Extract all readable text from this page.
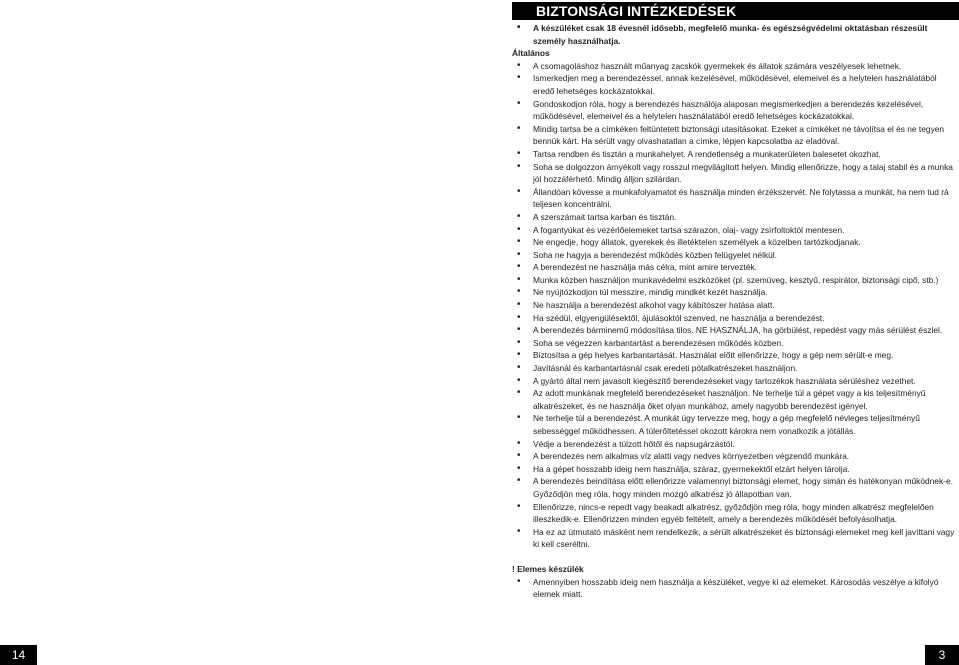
BIZTONSÁGI INTÉZKEDÉSEK
• A készüléket csak 18 évesnél idősebb, megfelelő munka- és egészségvédelmi oktatásban részesült személy használhatja.
Általános
• A csomagoláshoz használt műanyag zacskók gyermekek és állatok számára veszélyesek lehetnek.
• Ismerkedjen meg a berendezéssel, annak kezelésével, működésével, elemeivel és a helytelen használatából eredő lehetséges kockázatokkal.
• Gondoskodjon róla, hogy a berendezés használója alaposan megismerkedjen a berendezés kezelésével, működésével, elemeivel és a helytelen használatából eredő lehetséges kockázatokkal.
• Mindig tartsa be a címkéken feltüntetett biztonsági utasításokat. Ezeket a címkéket ne távolítsa el és ne tegyen bennük kárt. Ha sérült vagy olvashatatlan a címke, lépjen kapcsolatba az eladóval.
• Tartsa rendben és tisztán a munkahelyet. A rendetlenség a munkaterületen balesetet okozhat.
• Soha se dolgozzon árnyékolt vagy rosszul megvilágított helyen. Mindig ellenőrizze, hogy a talaj stabil és a munka jól hozzáférhető. Mindig álljon szilárdan.
• Állandóan kövesse a munkafolyamatot és használja minden érzékszervét. Ne folytassa a munkát, ha nem tud rá teljesen koncentrálni.
• A szerszámait tartsa karban és tisztán.
• A fogantyúkat és vezérlőelemeket tartsa szárazon, olaj- vagy zsírfoltoktól mentesen.
• Ne engedje, hogy állatok, gyerekek és illetéktelen személyek a közelben tartózkodjanak.
• Soha ne hagyja a berendezést működés közben felügyelet nélkül.
• A berendezést ne használja más célra, mint amire tervezték.
• Munka közben használjon munkavédelmi eszközöket (pl. szemüveg, kesztyű, respirátor, biztonsági cipő, stb.)
• Ne nyújtózkodjon túl messzire, mindig mindkét kezét használja.
• Ne használja a berendezést alkohol vagy kábítószer hatása alatt.
• Ha szédül, elgyengülésektől, ájulásoktól szenved, ne használja a berendezést.
• A berendezés bárminemű módosítása tilos. NE HASZNÁLJA, ha görbülést, repedést vagy más sérülést észlel.
• Soha se végezzen karbantartást a berendezésen működés közben.
• Biztosítsa a gép helyes karbantartását. Használat előtt ellenőrizze, hogy a gép nem sérült-e meg.
• Javításnál és karbantartásnál csak eredeti pótalkatrészeket használjon.
• A gyártó által nem javasolt kiegészítő berendezéseket vagy tartozékok használata sérüléshez vezethet.
• Az adott munkának megfelelő berendezéseket használjon. Ne terhelje túl a gépet vagy a kis teljesítményű alkatrészeket, és ne használja őket olyan munkához, amely nagyobb berendezést igényel.
• Ne terhelje túl a berendezést. A munkát úgy tervezze meg, hogy a gép megfelelő névleges teljesítményű sebességgel működhessen. A túlerőltetéssel okozott károkra nem vonatkozik a jótállás.
• Védje a berendezést a túlzott hőtől és napsugárzástól.
• A berendezés nem alkalmas víz alatti vagy nedves környezetben végzendő munkára.
• Ha a gépet hosszabb ideig nem használja, száraz, gyermekektől elzárt helyen tárolja.
• A berendezés beindítása előtt ellenőrizze valamennyi biztonsági elemet, hogy simán és hatékonyan működnek-e.
Győződjön meg róla, hogy minden mozgó alkatrész jó állapotban van.
• Ellenőrizze, nincs-e repedt vagy beakadt alkatrész, győződjön meg róla, hogy minden alkatrész megfelelően illeszkedik-e. Ellenőrizzen minden egyéb feltételt, amely a berendezés működését befolyásolhatja.
• Ha ez az útmutató másként nem rendelkezik, a sérült alkatrészeket és biztonsági elemeket meg kell javíttani vagy ki kell cseréltni.
! Elemes készülék
• Amennyiben hosszabb ideig nem használja a készüléket, vegye ki az elemeket. Károsodás veszélye a kifolyó elemek miatt.
14	3
